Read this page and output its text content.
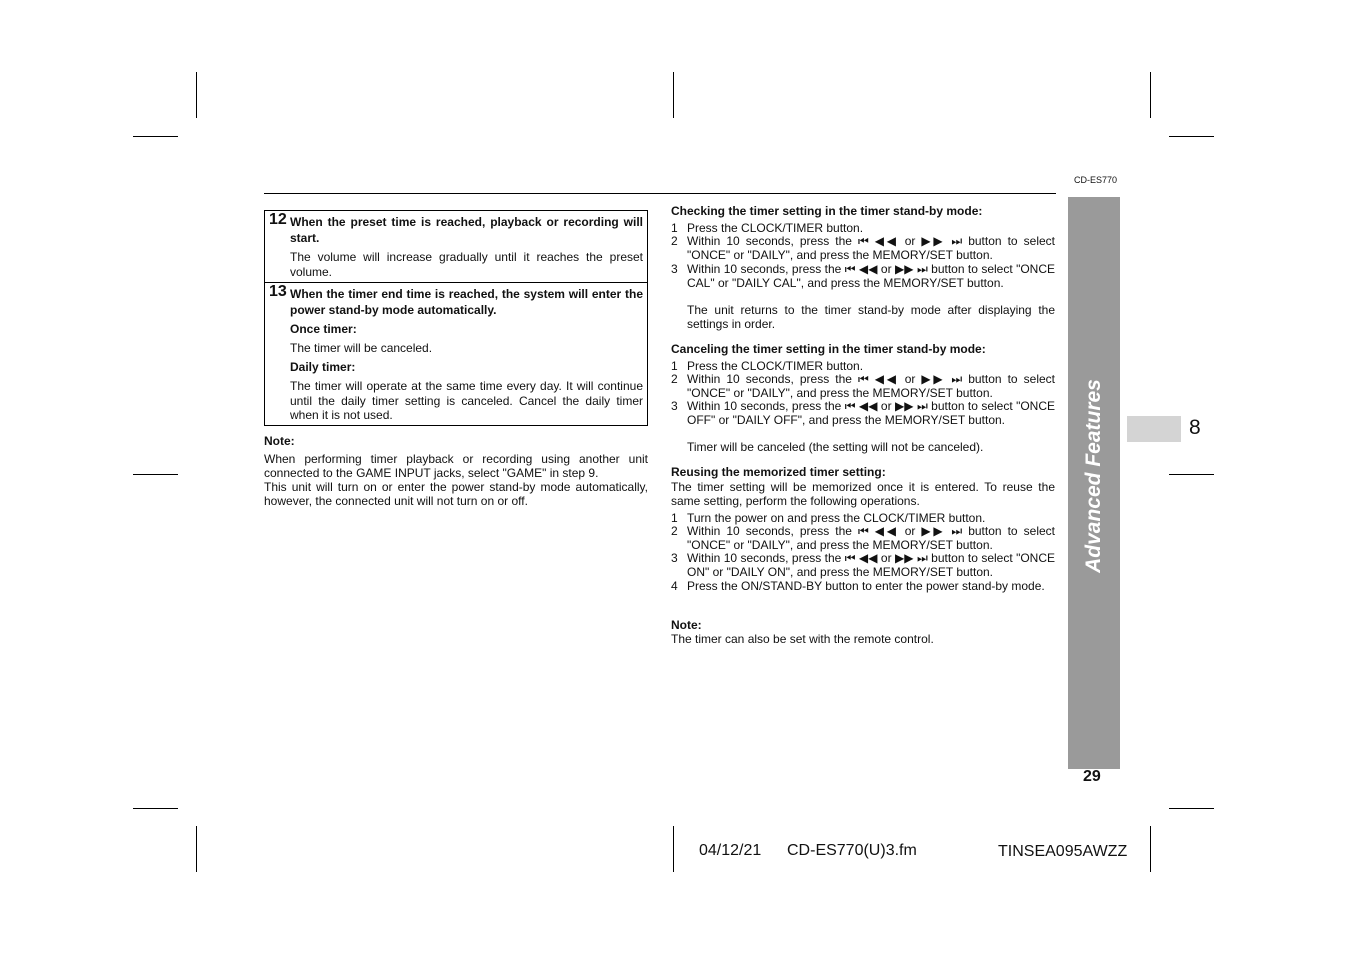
CD-ES770
12 When the preset time is reached, playback or recording will start.
The volume will increase gradually until it reaches the preset volume.
13 When the timer end time is reached, the system will enter the power stand-by mode automatically.
Once timer:
The timer will be canceled.
Daily timer:
The timer will operate at the same time every day. It will continue until the daily timer setting is canceled. Cancel the daily timer when it is not used.
Note:
When performing timer playback or recording using another unit connected to the GAME INPUT jacks, select "GAME" in step 9.
This unit will turn on or enter the power stand-by mode automatically, however, the connected unit will not turn on or off.
Checking the timer setting in the timer stand-by mode:
1 Press the CLOCK/TIMER button.
2 Within 10 seconds, press the ⏮ ◀◀ or ▶▶ ⏭ button to select "ONCE" or "DAILY", and press the MEMORY/SET button.
3 Within 10 seconds, press the ⏮ ◀◀ or ▶▶ ⏭ button to select "ONCE CAL" or "DAILY CAL", and press the MEMORY/SET button.
The unit returns to the timer stand-by mode after displaying the settings in order.
Canceling the timer setting in the timer stand-by mode:
1 Press the CLOCK/TIMER button.
2 Within 10 seconds, press the ⏮ ◀◀ or ▶▶ ⏭ button to select "ONCE" or "DAILY", and press the MEMORY/SET button.
3 Within 10 seconds, press the ⏮ ◀◀ or ▶▶ ⏭ button to select "ONCE OFF" or "DAILY OFF", and press the MEMORY/SET button.
Timer will be canceled (the setting will not be canceled).
Reusing the memorized timer setting:
The timer setting will be memorized once it is entered. To reuse the same setting, perform the following operations.
1 Turn the power on and press the CLOCK/TIMER button.
2 Within 10 seconds, press the ⏮ ◀◀ or ▶▶ ⏭ button to select "ONCE" or "DAILY", and press the MEMORY/SET button.
3 Within 10 seconds, press the ⏮ ◀◀ or ▶▶ ⏭ button to select "ONCE ON" or "DAILY ON", and press the MEMORY/SET button.
4 Press the ON/STAND-BY button to enter the power stand-by mode.
Note:
The timer can also be set with the remote control.
Advanced Features	8
29
04/12/21 CD-ES770(U)3.fm	TINSEA095AWZZ
